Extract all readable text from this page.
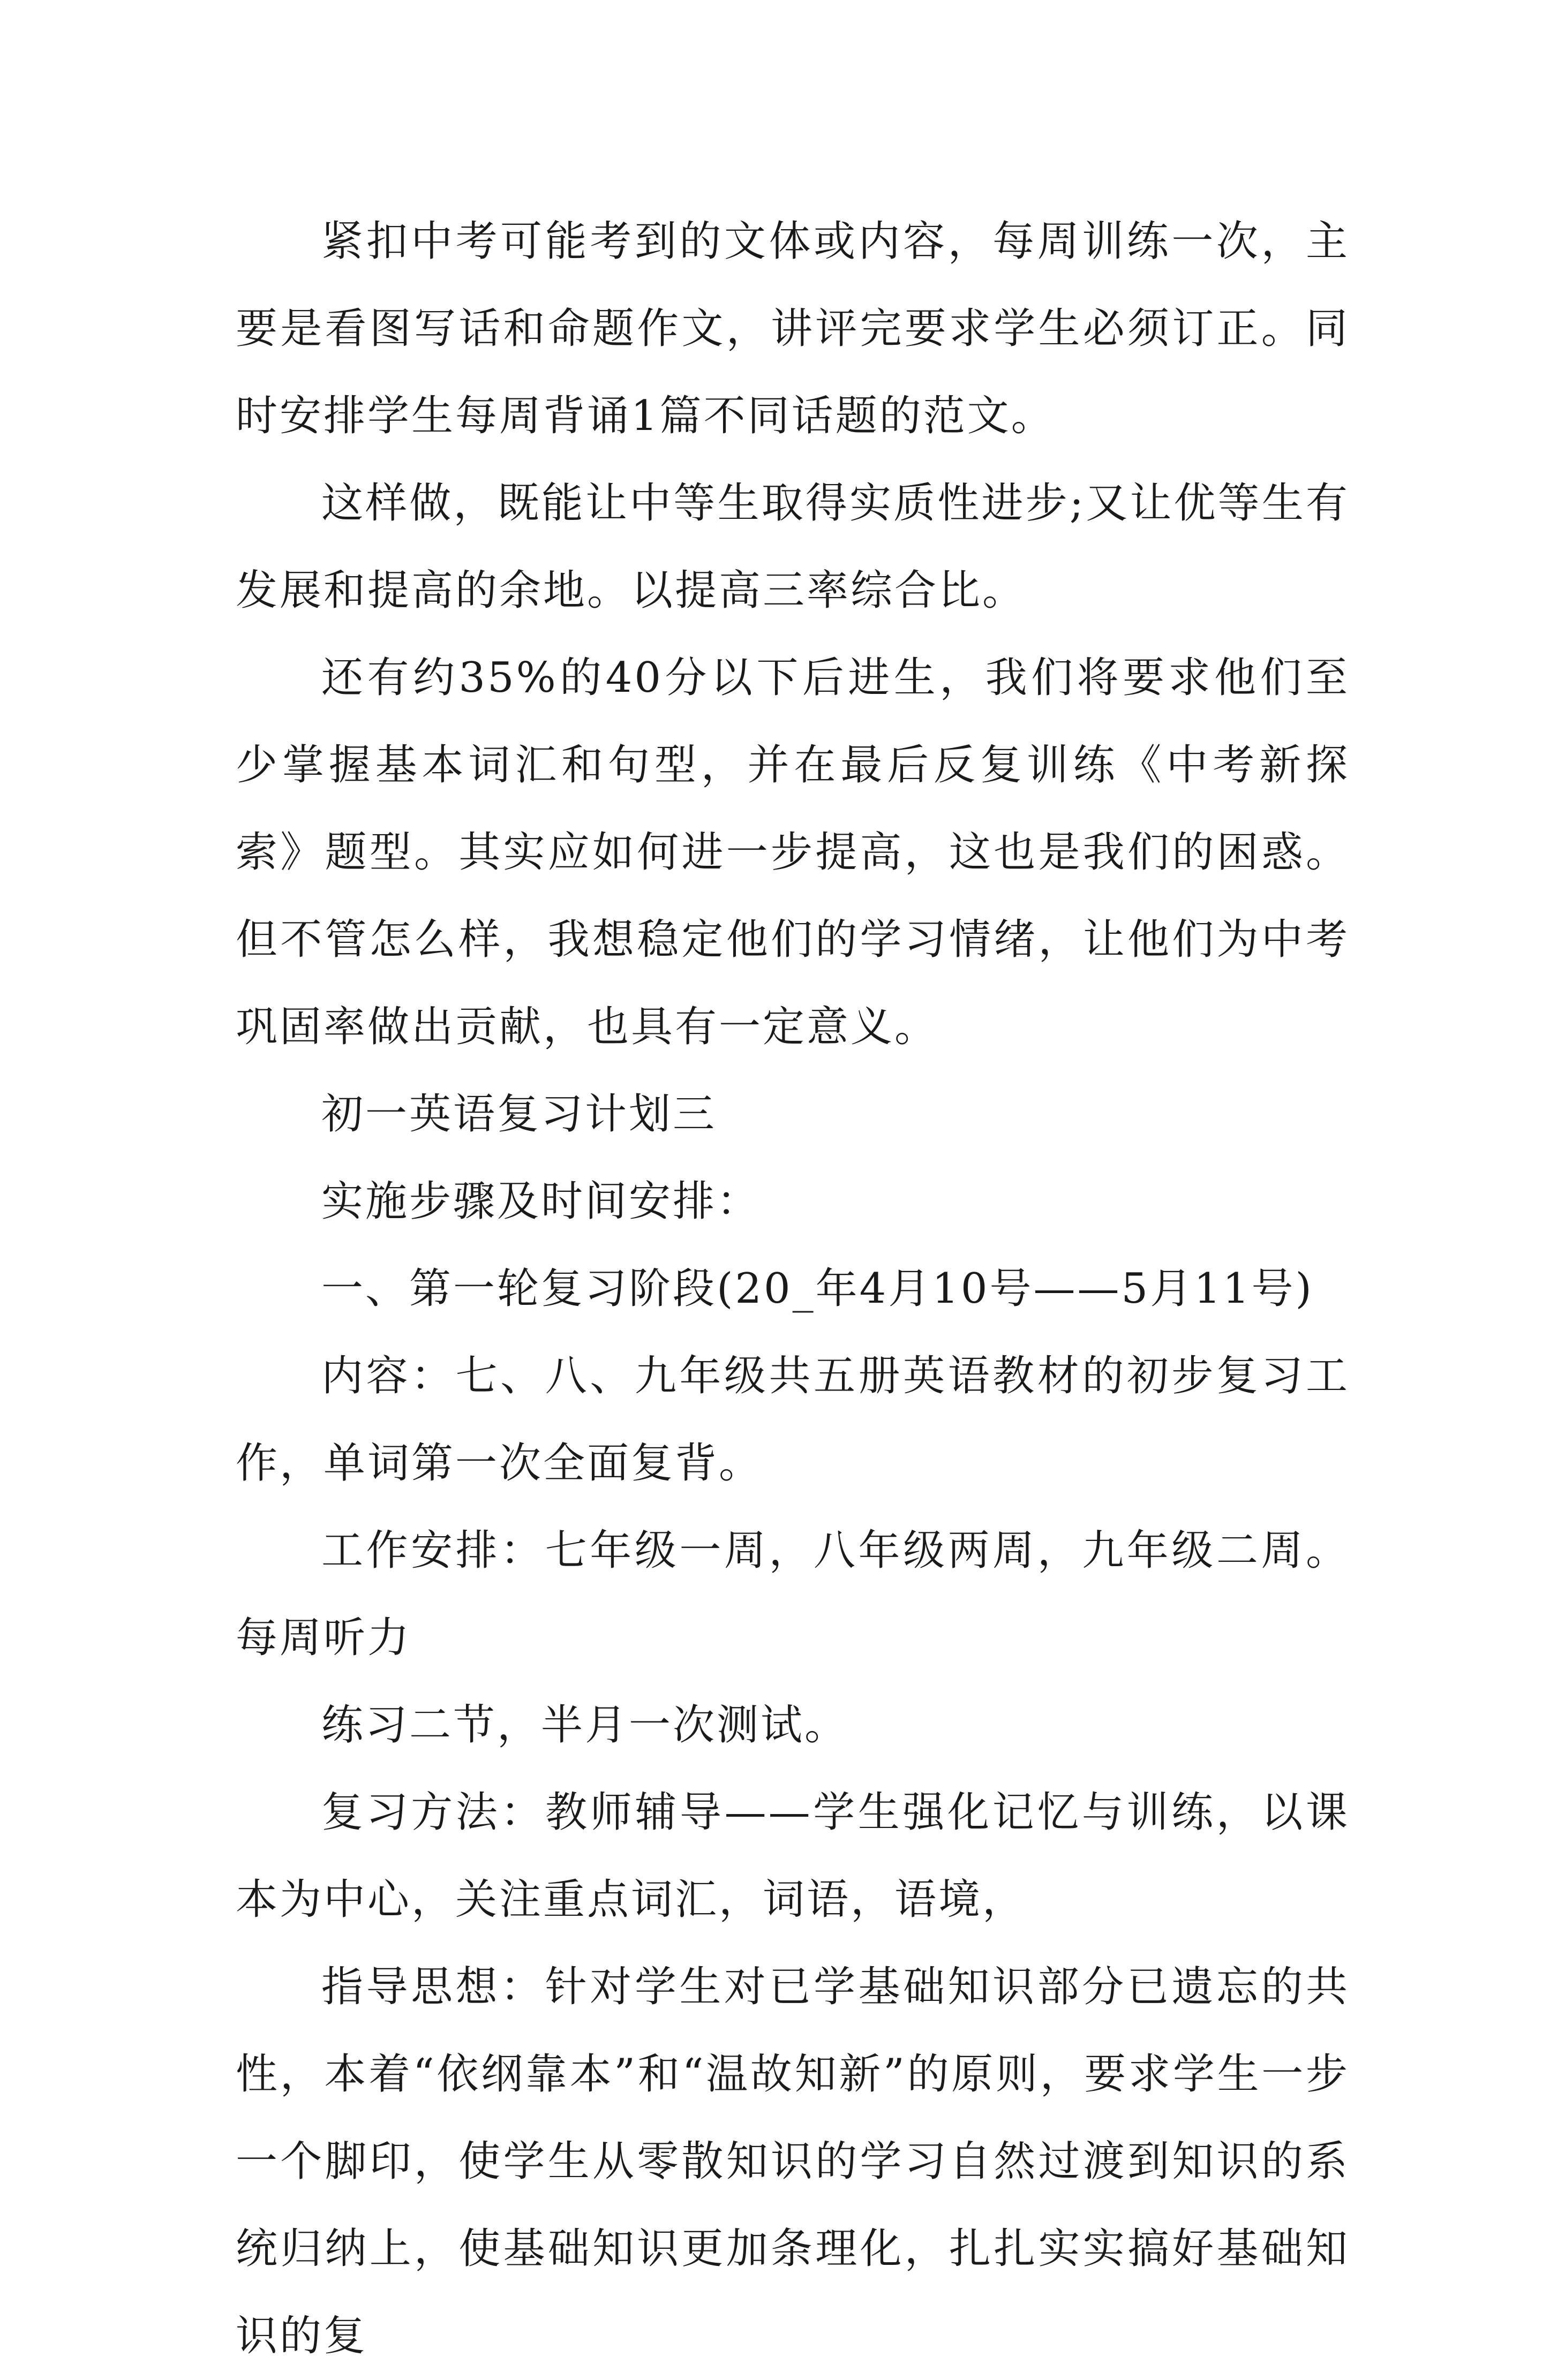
紧扣中考可能考到的文体或内容，每周训练一次，主要是看图写话和命题作文，讲评完要求学生必须订正。同时安排学生每周背诵1篇不同话题的范文。

这样做，既能让中等生取得实质性进步;又让优等生有发展和提高的余地。以提高三率综合比。

还有约35%的40分以下后进生，我们将要求他们至少掌握基本词汇和句型，并在最后反复训练《中考新探索》题型。其实应如何进一步提高，这也是我们的困惑。但不管怎么样，我想稳定他们的学习情绪，让他们为中考巩固率做出贡献，也具有一定意义。

初一英语复习计划三

实施步骤及时间安排：

一、第一轮复习阶段(20_年4月10号——5月11号)

内容：七、八、九年级共五册英语教材的初步复习工作，单词第一次全面复背。

工作安排：七年级一周，八年级两周，九年级二周。每周听力

练习二节，半月一次测试。

复习方法：教师辅导——学生强化记忆与训练，以课本为中心，关注重点词汇，词语，语境，

指导思想：针对学生对已学基础知识部分已遗忘的共性，本着“依纲靠本”和“温故知新”的原则，要求学生一步一个脚印，使学生从零散知识的学习自然过渡到知识的系统归纳上，使基础知识更加条理化，扎扎实实搞好基础知识的复
